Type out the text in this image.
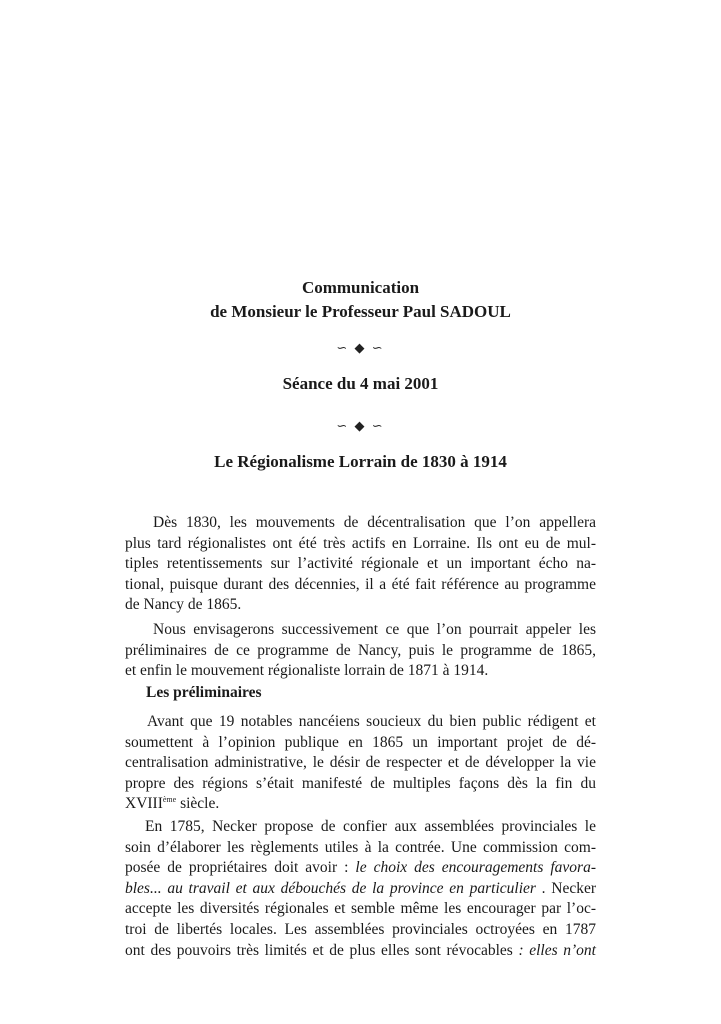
Communication
de Monsieur le Professeur Paul SADOUL
∽ ◆ ∽
Séance du 4 mai 2001
∽ ◆ ∽
Le Régionalisme Lorrain de 1830 à 1914
Dès 1830, les mouvements de décentralisation que l’on appellera
plus tard régionalistes ont été très actifs en Lorraine. Ils ont eu de mul-
tiples retentissements sur l’activité régionale et un important écho na-
tional, puisque durant des décennies, il a été fait référence au programme
de Nancy de 1865.
Nous envisagerons successivement ce que l’on pourrait appeler les
préliminaires de ce programme de Nancy, puis le programme de 1865,
et enfin le mouvement régionaliste lorrain de 1871 à 1914.
Les préliminaires
Avant que 19 notables nancéiens soucieux du bien public rédigent et
soumettent à l’opinion publique en 1865 un important projet de dé-
centralisation administrative, le désir de respecter et de développer la vie
propre des régions s’était manifesté de multiples façons dès la fin du
XVIIIème siècle.
En 1785, Necker propose de confier aux assemblées provinciales le
soin d’élaborer les règlements utiles à la contrée. Une commission com-
posée de propriétaires doit avoir : le choix des encouragements favora-
bles... au travail et aux débouchés de la province en particulier . Necker
accepte les diversités régionales et semble même les encourager par l’oc-
troi de libertés locales. Les assemblées provinciales octroyées en 1787
ont des pouvoirs très limités et de plus elles sont révocables : elles n’ont
